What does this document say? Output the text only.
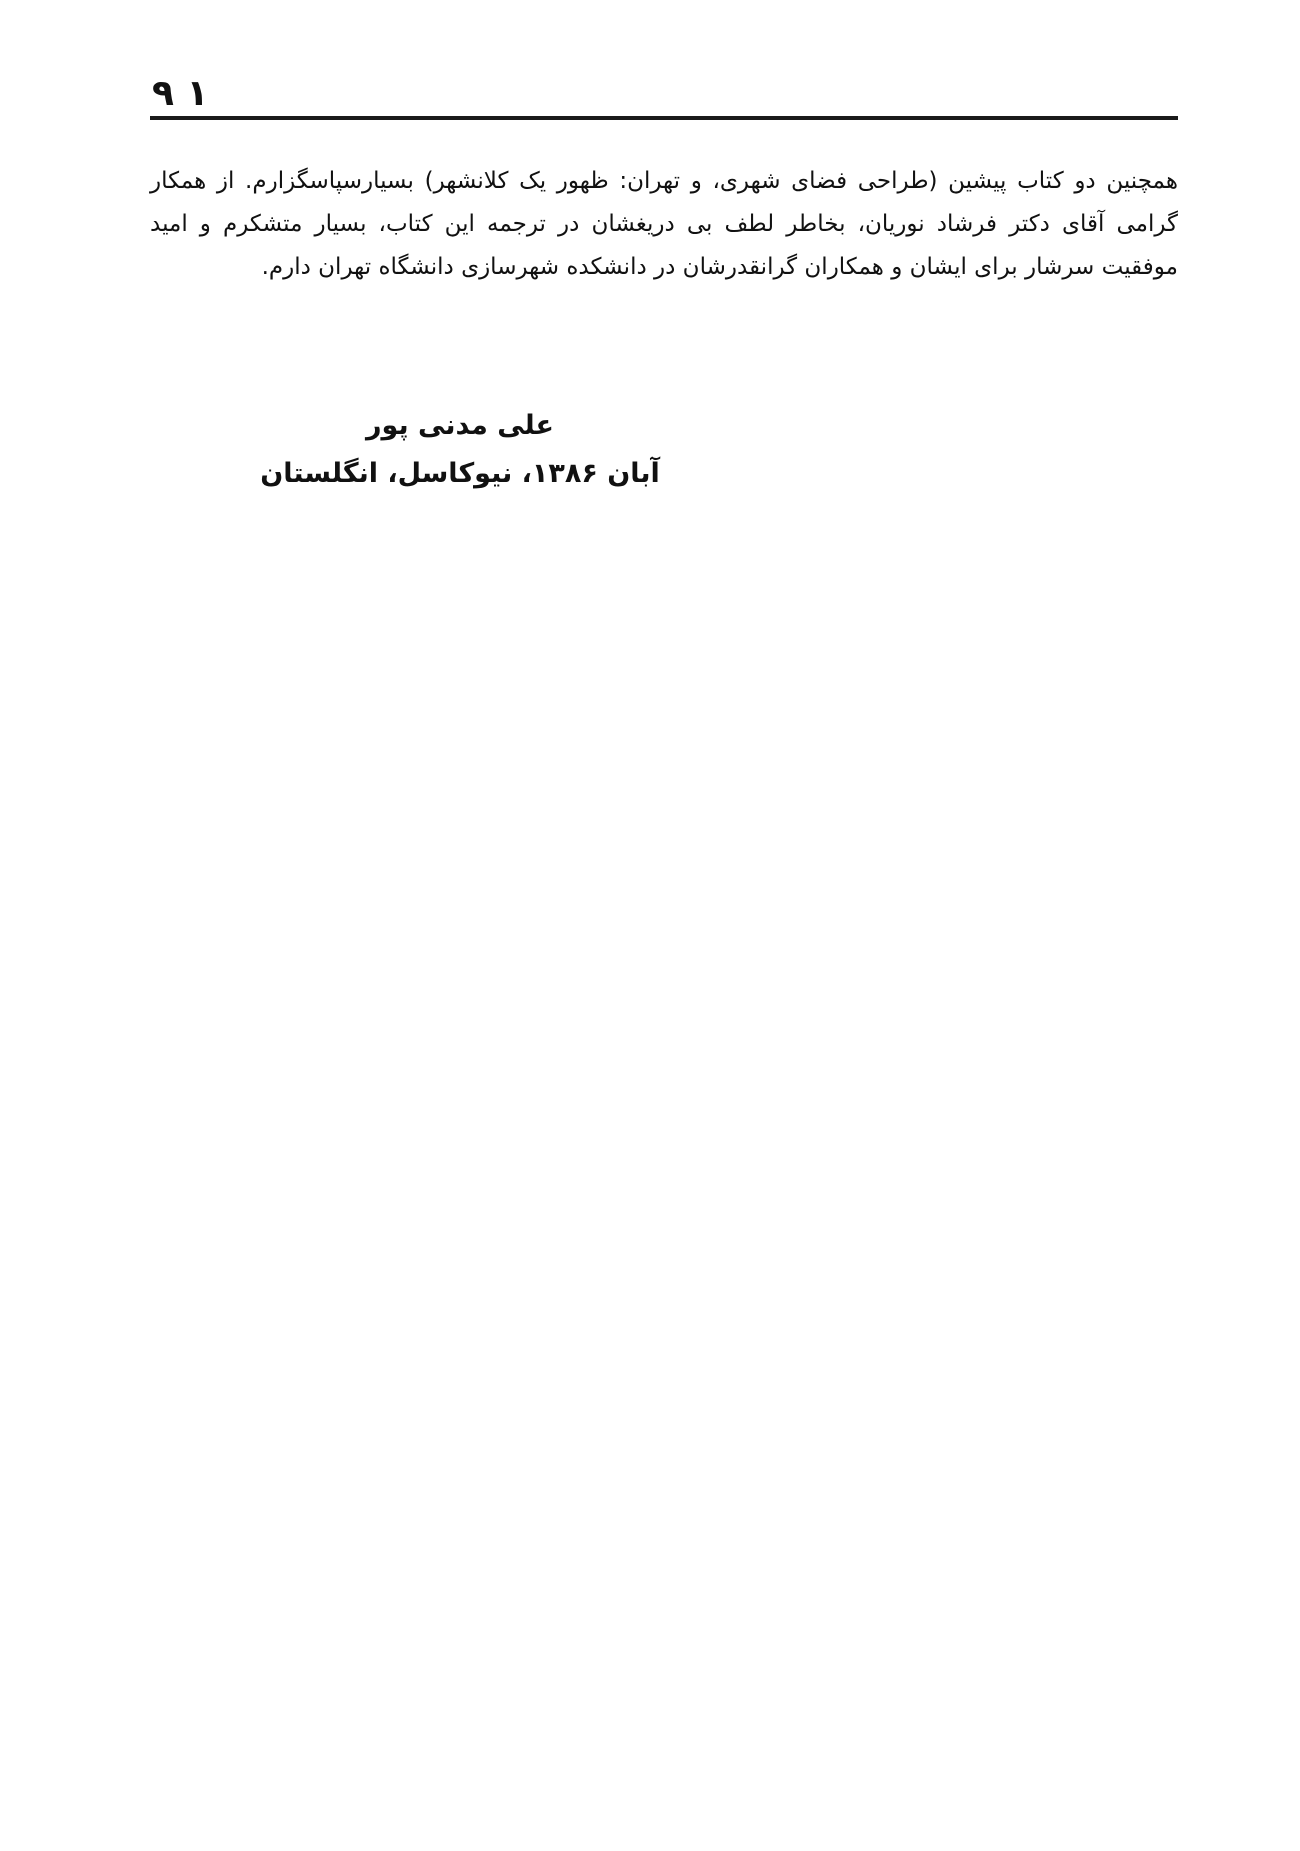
۹ ۱

همچنین دو کتاب پیشین (طراحی فضای شهری، و تهران: ظهور یک کلانشهر) بسیارسپاسگزارم. از همکار گرامی آقای دکتر فرشاد نوریان، بخاطر لطف بی دریغشان در ترجمه این کتاب، بسیار متشکرم و امید موفقیت سرشار برای ایشان و همکاران گرانقدرشان در دانشکده شهرسازی دانشگاه تهران دارم.

علی مدنی پور
آبان ۱۳۸۶، نیوکاسل، انگلستان
